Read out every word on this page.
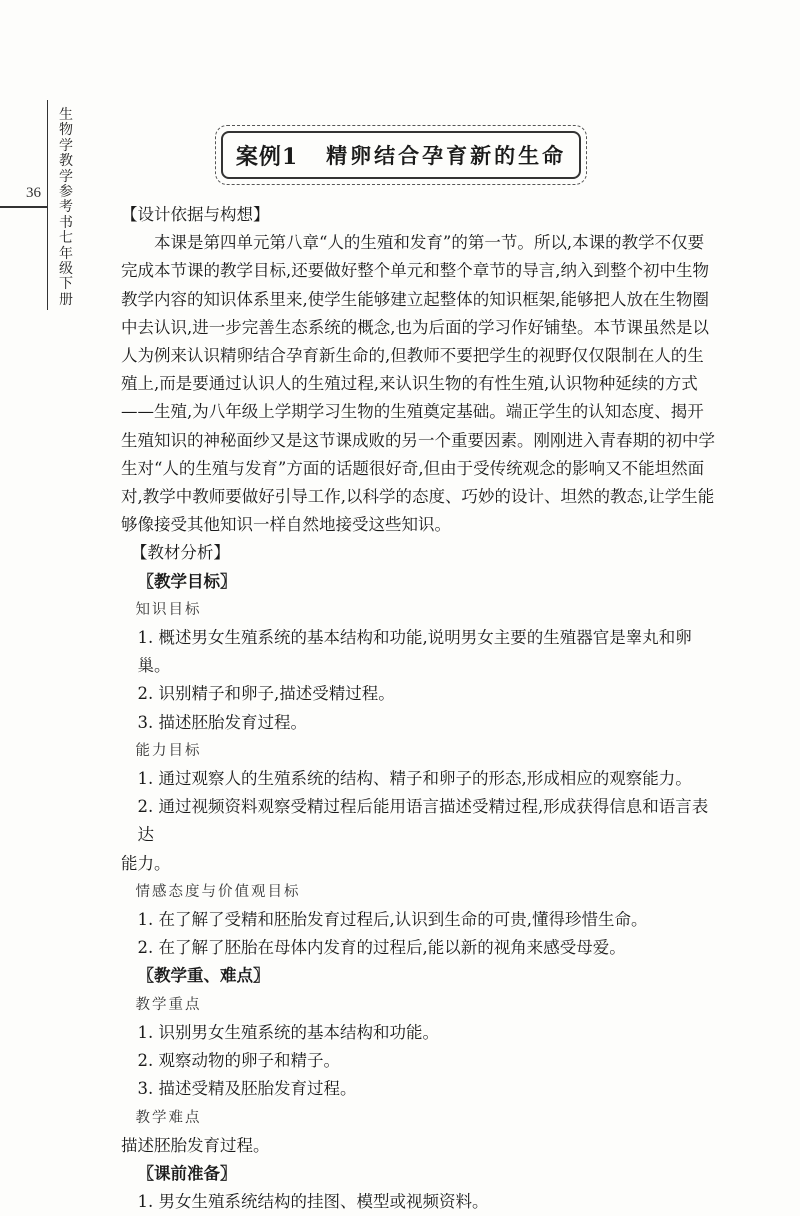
生物学教学参考书七年级下册
36
案例1 精卵结合孕育新的生命

【设计依据与构想】

本课是第四单元第八章“人的生殖和发育”的第一节。所以,本课的教学不仅要完成本节课的教学目标,还要做好整个单元和整个章节的导言,纳入到整个初中生物教学内容的知识体系里来,使学生能够建立起整体的知识框架,能够把人放在生物圈中去认识,进一步完善生态系统的概念,也为后面的学习作好铺垫。本节课虽然是以人为例来认识精卵结合孕育新生命的,但教师不要把学生的视野仅仅限制在人的生殖上,而是要通过认识人的生殖过程,来认识生物的有性生殖,认识物种延续的方式——生殖,为八年级上学期学习生物的生殖奠定基础。端正学生的认知态度、揭开生殖知识的神秘面纱又是这节课成败的另一个重要因素。刚刚进入青春期的初中学生对“人的生殖与发育”方面的话题很好奇,但由于受传统观念的影响又不能坦然面对,教学中教师要做好引导工作,以科学的态度、巧妙的设计、坦然的教态,让学生能够像接受其他知识一样自然地接受这些知识。

【教材分析】

〖教学目标〗

知识目标

1. 概述男女生殖系统的基本结构和功能,说明男女主要的生殖器官是睾丸和卵巢。

2. 识别精子和卵子,描述受精过程。

3. 描述胚胎发育过程。

能力目标

1. 通过观察人的生殖系统的结构、精子和卵子的形态,形成相应的观察能力。

2. 通过视频资料观察受精过程后能用语言描述受精过程,形成获得信息和语言表达

能力。

情感态度与价值观目标

1. 在了解了受精和胚胎发育过程后,认识到生命的可贵,懂得珍惜生命。

2. 在了解了胚胎在母体内发育的过程后,能以新的视角来感受母爱。

〖教学重、难点〗

教学重点

1. 识别男女生殖系统的基本结构和功能。

2. 观察动物的卵子和精子。

3. 描述受精及胚胎发育过程。

教学难点

描述胚胎发育过程。

〖课前准备〗

1. 男女生殖系统结构的挂图、模型或视频资料。
